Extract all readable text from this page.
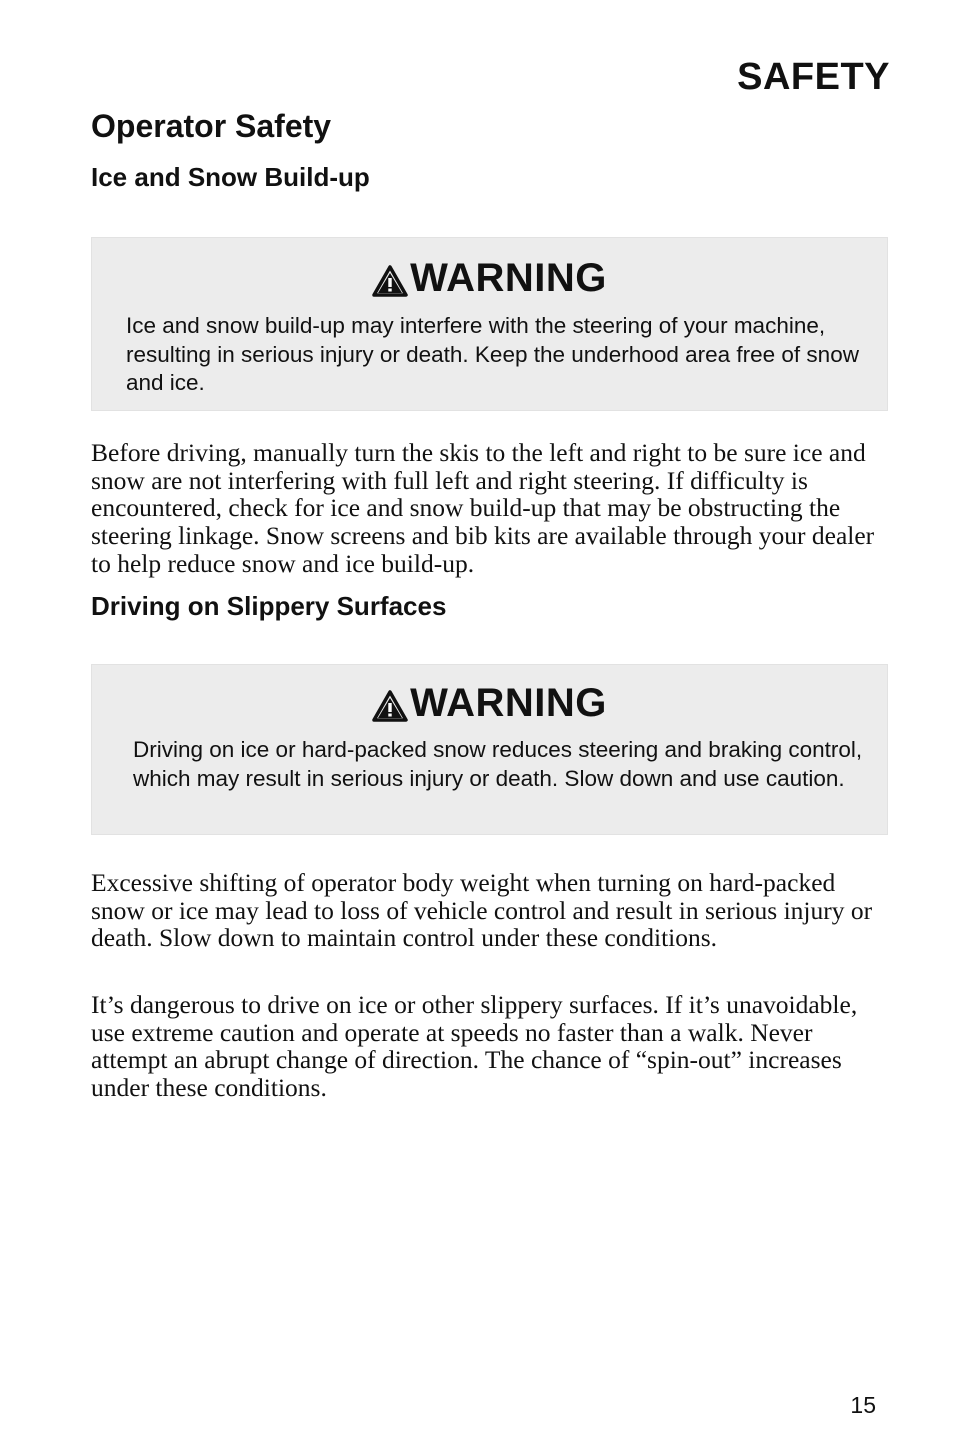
SAFETY
Operator Safety
Ice and Snow Build-up
WARNING

Ice and snow build-up may interfere with the steering of your machine, resulting in serious injury or death. Keep the underhood area free of snow and ice.

Before driving, manually turn the skis to the left and right to be sure ice and snow are not interfering with full left and right steering. If difficulty is encountered, check for ice and snow build-up that may be obstructing the steering linkage. Snow screens and bib kits are available through your dealer to help reduce snow and ice build-up.

Driving on Slippery Surfaces
WARNING

Driving on ice or hard-packed snow reduces steering and braking control, which may result in serious injury or death. Slow down and use caution.

Excessive shifting of operator body weight when turning on hard-packed snow or ice may lead to loss of vehicle control and result in serious injury or death. Slow down to maintain control under these conditions.

It’s dangerous to drive on ice or other slippery surfaces. If it’s unavoidable, use extreme caution and operate at speeds no faster than a walk. Never attempt an abrupt change of direction. The chance of “spin-out” increases under these conditions.

15
